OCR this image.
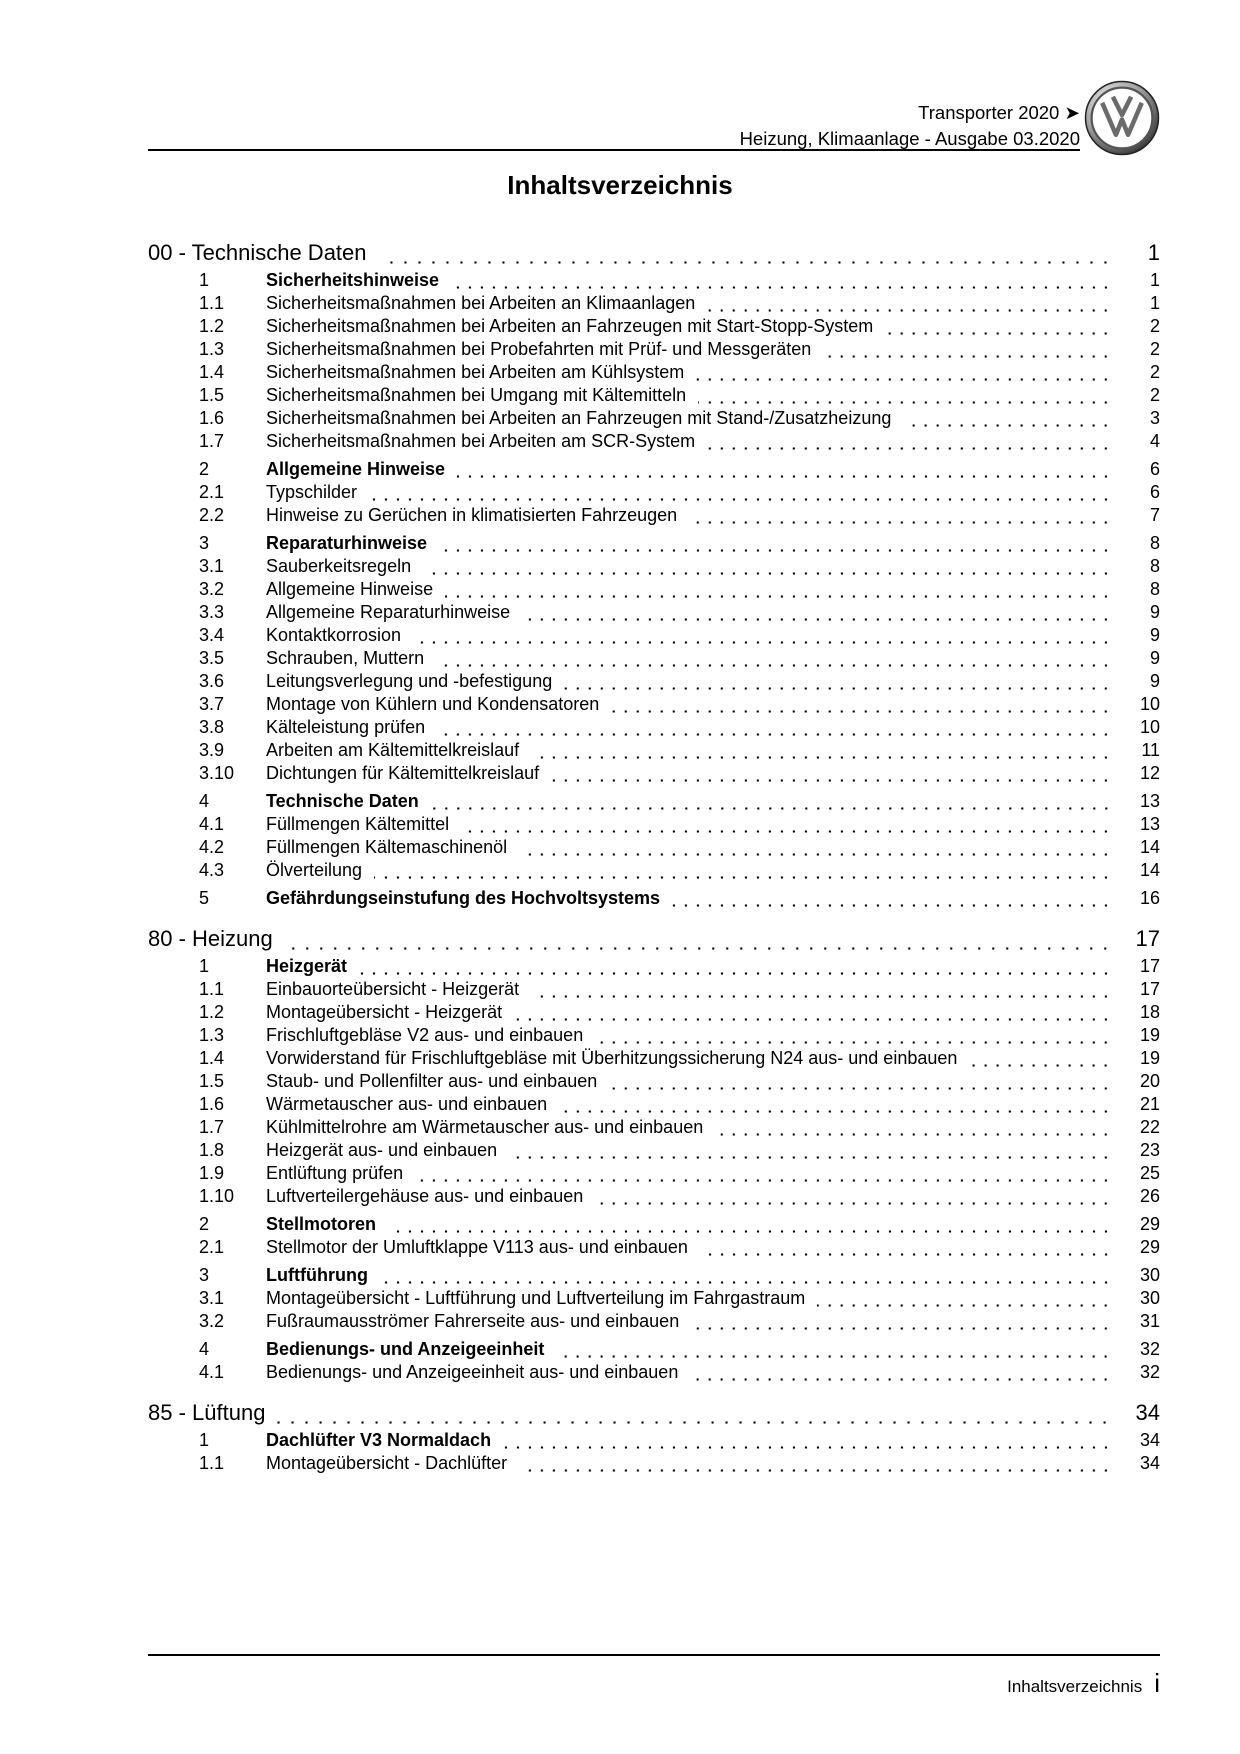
Transporter 2020 ➤
Heizung, Klimaanlage - Ausgabe 03.2020
Inhaltsverzeichnis
00 - Technische Daten	1
1	Sicherheitshinweise	1
1.1 Sicherheitsmaßnahmen bei Arbeiten an Klimaanlagen	1
1.2 Sicherheitsmaßnahmen bei Arbeiten an Fahrzeugen mit Start-Stopp-System	2
1.3 Sicherheitsmaßnahmen bei Probefahrten mit Prüf- und Messgeräten	2
1.4 Sicherheitsmaßnahmen bei Arbeiten am Kühlsystem	2
1.5 Sicherheitsmaßnahmen bei Umgang mit Kältemitteln	2
1.6 Sicherheitsmaßnahmen bei Arbeiten an Fahrzeugen mit Stand-/Zusatzheizung	3
1.7 Sicherheitsmaßnahmen bei Arbeiten am SCR-System	4
2	Allgemeine Hinweise	6
2.1 Typschilder	6
2.2 Hinweise zu Gerüchen in klimatisierten Fahrzeugen	7
3	Reparaturhinweise	8
3.1 Sauberkeitsregeln	8
3.2 Allgemeine Hinweise	8
3.3 Allgemeine Reparaturhinweise	9
3.4 Kontaktkorrosion	9
3.5 Schrauben, Muttern	9
3.6 Leitungsverlegung und -befestigung	9
3.7 Montage von Kühlern und Kondensatoren	10
3.8 Kälteleistung prüfen	10
3.9 Arbeiten am Kältemittelkreislauf	11
3.10 Dichtungen für Kältemittelkreislauf	12
4	Technische Daten	13
4.1 Füllmengen Kältemittel	13
4.2 Füllmengen Kältemaschinenöl	14
4.3 Ölverteilung	14
5	Gefährdungseinstufung des Hochvoltsystems	16
80 - Heizung	17
1	Heizgerät	17
1.1 Einbauorteübersicht - Heizgerät	17
1.2 Montageübersicht - Heizgerät	18
1.3 Frischluftgebläse V2 aus- und einbauen	19
1.4 Vorwiderstand für Frischluftgebläse mit Überhitzungssicherung N24 aus- und einbauen	19
1.5 Staub- und Pollenfilter aus- und einbauen	20
1.6 Wärmetauscher aus- und einbauen	21
1.7 Kühlmittelrohre am Wärmetauscher aus- und einbauen	22
1.8 Heizgerät aus- und einbauen	23
1.9 Entlüftung prüfen	25
1.10 Luftverteilergehäuse aus- und einbauen	26
2	Stellmotoren	29
2.1 Stellmotor der Umluftklappe V113 aus- und einbauen	29
3	Luftführung	30
3.1 Montageübersicht - Luftführung und Luftverteilung im Fahrgastraum	30
3.2 Fußraumausströmer Fahrerseite aus- und einbauen	31
4	Bedienungs- und Anzeigeeinheit	32
4.1 Bedienungs- und Anzeigeeinheit aus- und einbauen	32
85 - Lüftung	34
1	Dachlüfter V3 Normaldach	34
1.1 Montageübersicht - Dachlüfter	34
Inhaltsverzeichnis i
